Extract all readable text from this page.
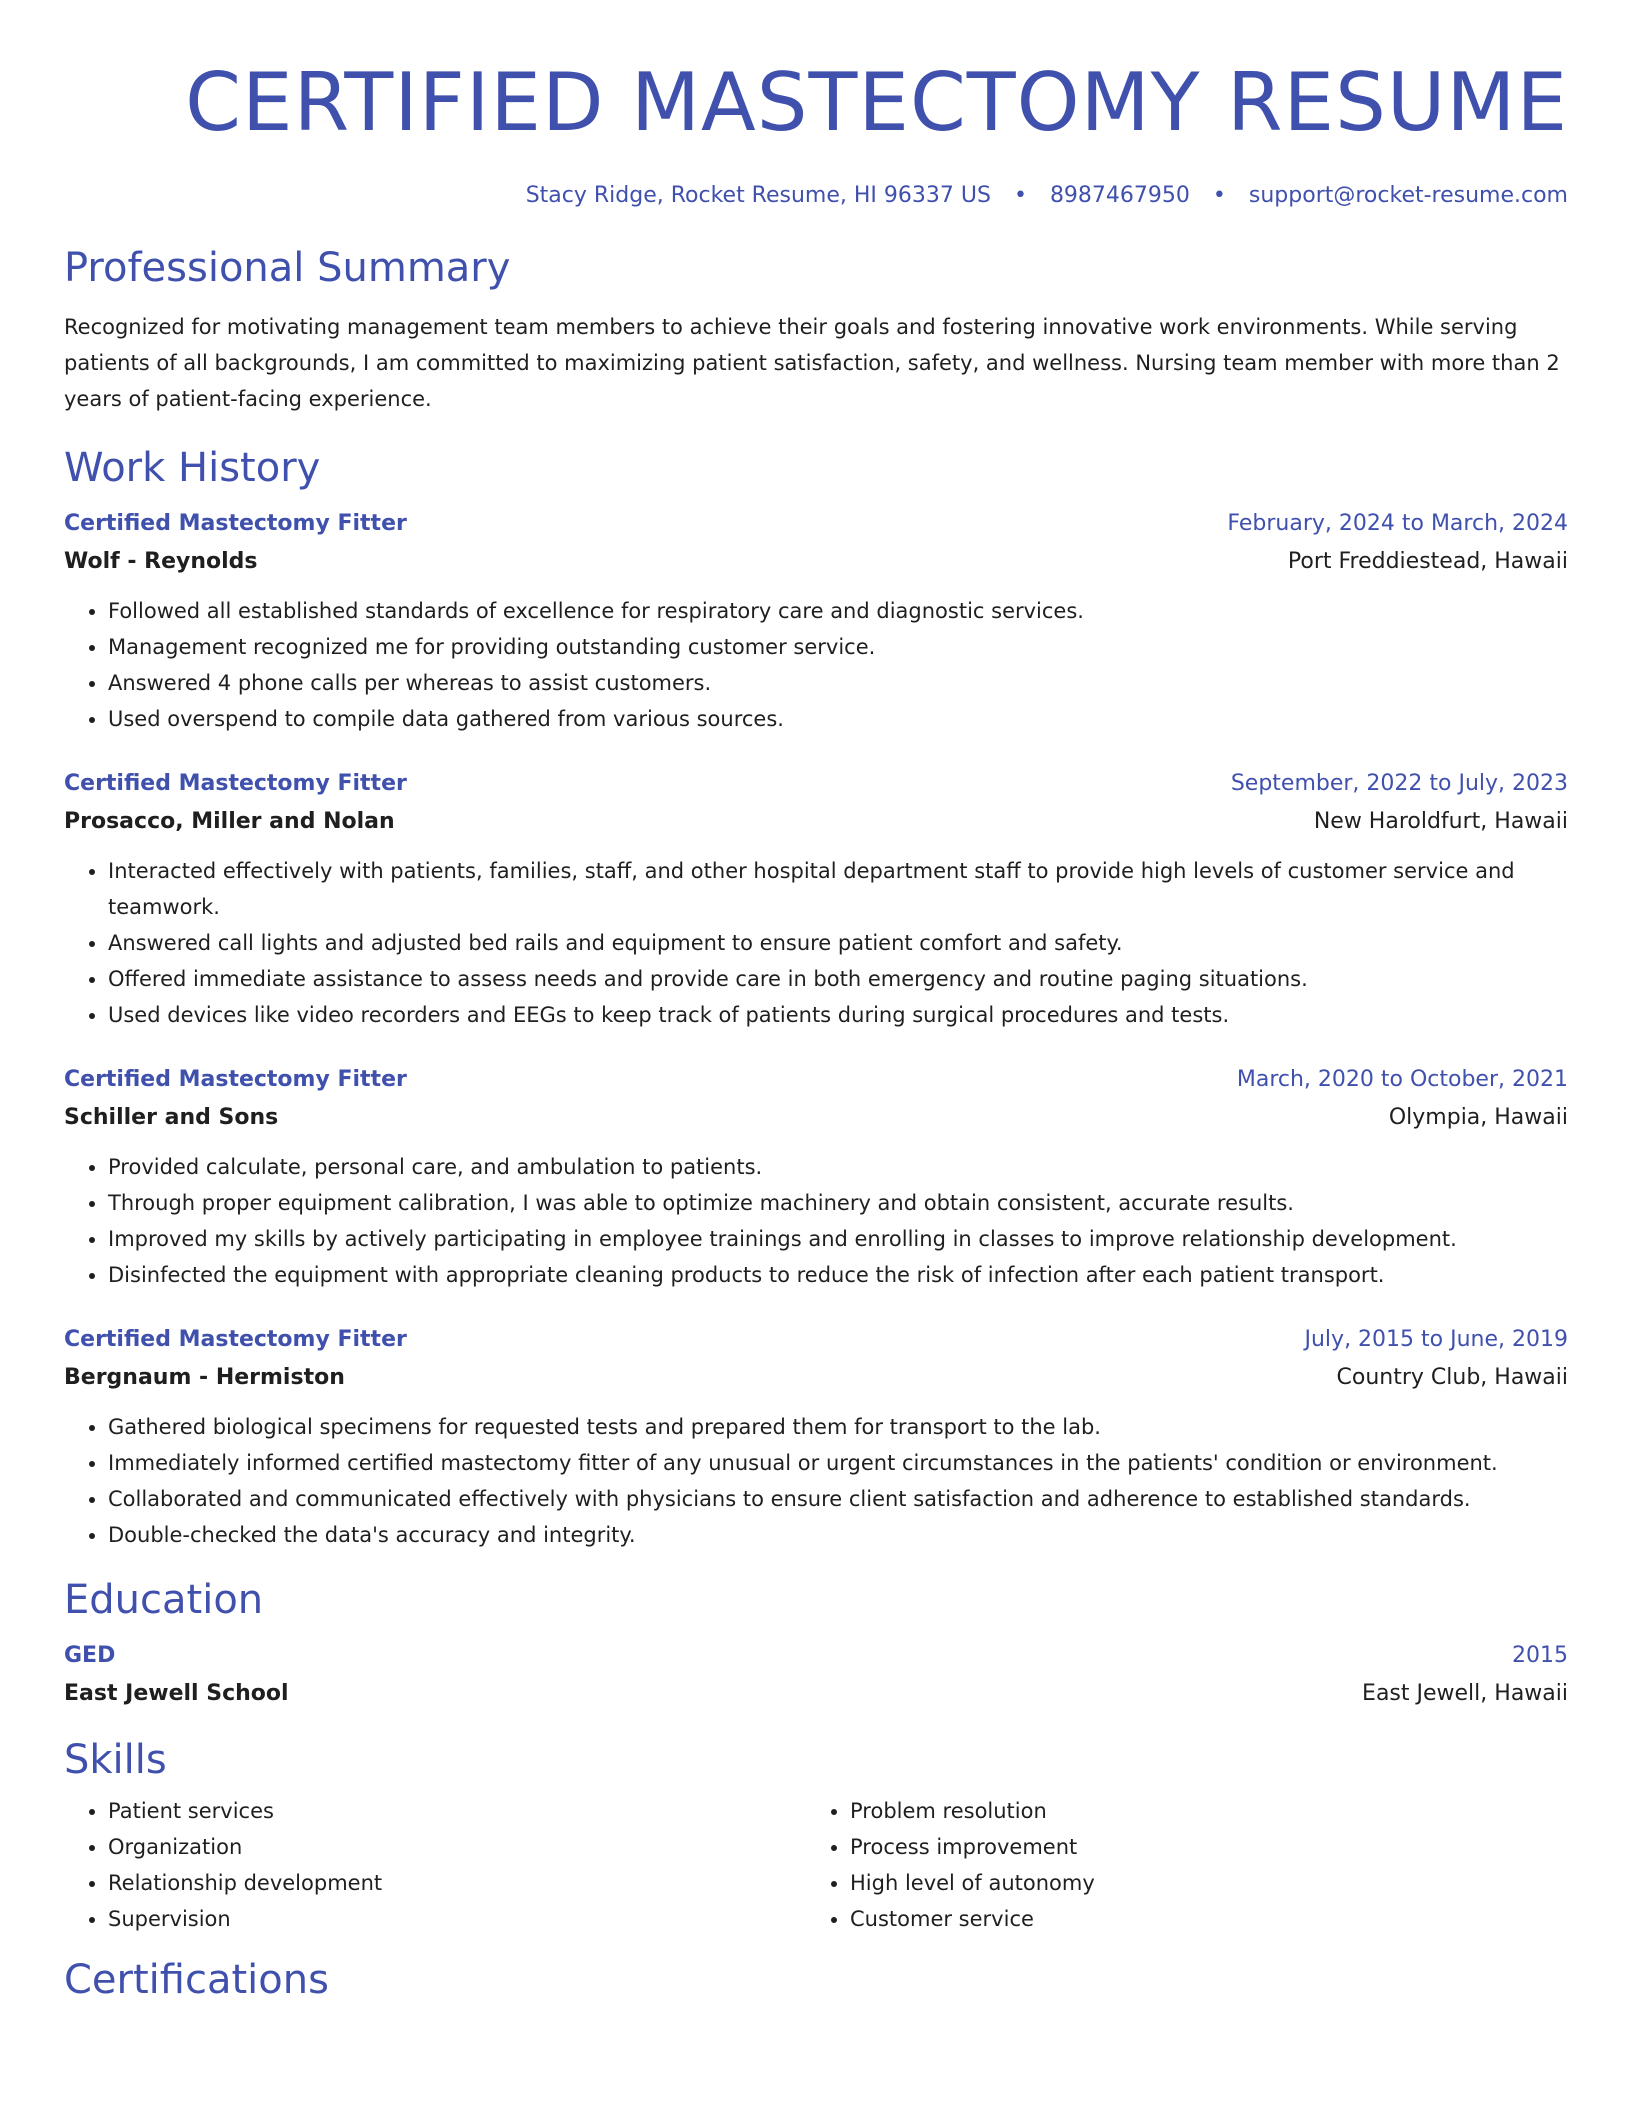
CERTIFIED MASTECTOMY RESUME
Stacy Ridge, Rocket Resume, HI 96337 US • 8987467950 • support@rocket-resume.com
Professional Summary

Recognized for motivating management team members to achieve their goals and fostering innovative work environments. While serving patients of all backgrounds, I am committed to maximizing patient satisfaction, safety, and wellness. Nursing team member with more than 2 years of patient-facing experience.

Work History
Certified Mastectomy Fitter	February, 2024 to March, 2024
Wolf - Reynolds	Port Freddiestead, Hawaii
• Followed all established standards of excellence for respiratory care and diagnostic services.
• Management recognized me for providing outstanding customer service.
• Answered 4 phone calls per whereas to assist customers.
• Used overspend to compile data gathered from various sources.
Certified Mastectomy Fitter	September, 2022 to July, 2023
Prosacco, Miller and Nolan	New Haroldfurt, Hawaii
• Interacted effectively with patients, families, staff, and other hospital department staff to provide high levels of customer service and teamwork.
• Answered call lights and adjusted bed rails and equipment to ensure patient comfort and safety.
• Offered immediate assistance to assess needs and provide care in both emergency and routine paging situations.
• Used devices like video recorders and EEGs to keep track of patients during surgical procedures and tests.
Certified Mastectomy Fitter	March, 2020 to October, 2021
Schiller and Sons	Olympia, Hawaii
• Provided calculate, personal care, and ambulation to patients.
• Through proper equipment calibration, I was able to optimize machinery and obtain consistent, accurate results.
• Improved my skills by actively participating in employee trainings and enrolling in classes to improve relationship development.
• Disinfected the equipment with appropriate cleaning products to reduce the risk of infection after each patient transport.
Certified Mastectomy Fitter	July, 2015 to June, 2019
Bergnaum - Hermiston	Country Club, Hawaii
• Gathered biological specimens for requested tests and prepared them for transport to the lab.
• Immediately informed certified mastectomy fitter of any unusual or urgent circumstances in the patients' condition or environment.
• Collaborated and communicated effectively with physicians to ensure client satisfaction and adherence to established standards.
• Double-checked the data's accuracy and integrity.
Education
GED	2015
East Jewell School	East Jewell, Hawaii
Skills
• Patient services
• Organization
• Relationship development
• Supervision
• Problem resolution
• Process improvement
• High level of autonomy
• Customer service
Certifications
